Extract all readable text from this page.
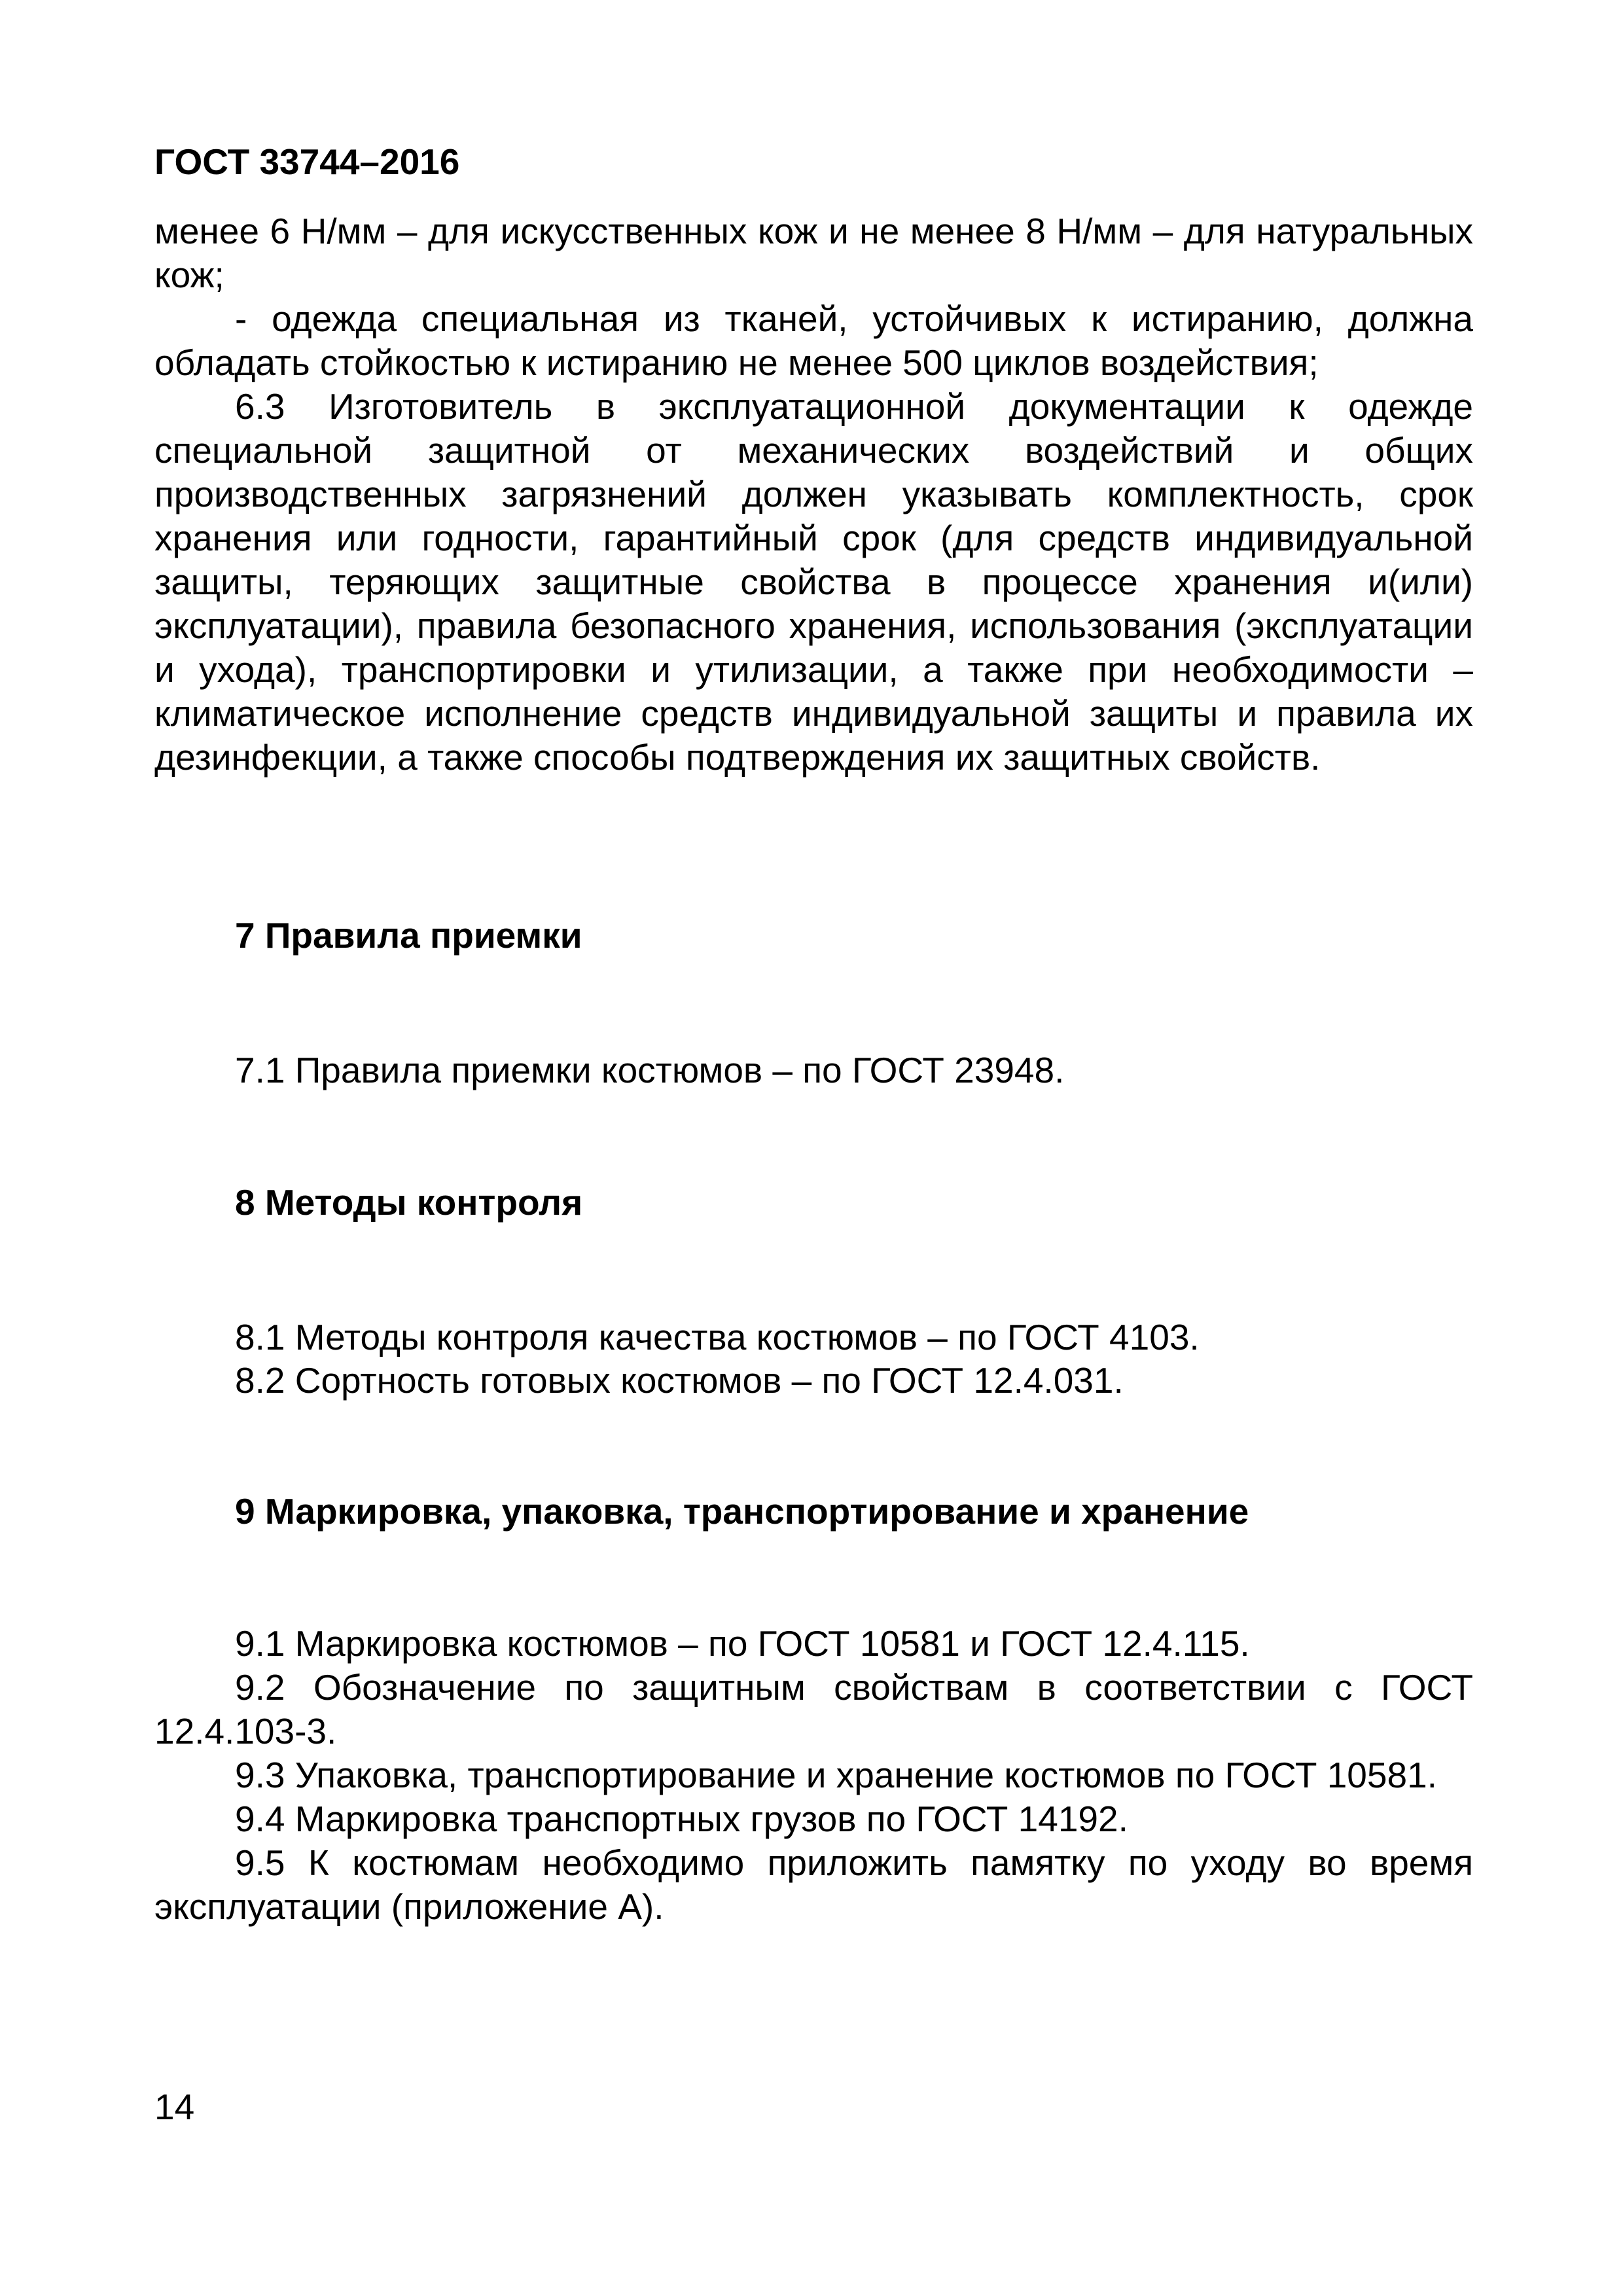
ГОСТ 33744–2016

менее 6 Н/мм – для искусственных кож и не менее 8 Н/мм – для натуральных кож;

- одежда специальная из тканей, устойчивых к истиранию, должна обладать стойкостью к истиранию не менее 500 циклов воздействия;

6.3 Изготовитель в эксплуатационной документации к одежде специальной защитной от механических воздействий и общих производственных загрязнений должен указывать комплектность, срок хранения или годности, гарантийный срок (для средств индивидуальной защиты, теряющих защитные свойства в процессе хранения и(или) эксплуатации), правила безопасного хранения, использования (эксплуатации и ухода), транспортировки и утилизации, а также при необходимости – климатическое исполнение средств индивидуальной защиты и правила их дезинфекции, а также способы подтверждения их защитных свойств.

7 Правила приемки
7.1 Правила приемки костюмов – по ГОСТ 23948.
8 Методы контроля
8.1 Методы контроля качества костюмов – по ГОСТ 4103.
8.2 Сортность готовых костюмов – по ГОСТ 12.4.031.
9 Маркировка, упаковка, транспортирование и хранение

9.1 Маркировка костюмов – по ГОСТ 10581 и ГОСТ 12.4.115.

9.2 Обозначение по защитным свойствам в соответствии с ГОСТ 12.4.103-3.

9.3 Упаковка, транспортирование и хранение костюмов по ГОСТ 10581.

9.4 Маркировка транспортных грузов по ГОСТ 14192.

9.5 К костюмам необходимо приложить памятку по уходу во время эксплуатации (приложение А).

14
